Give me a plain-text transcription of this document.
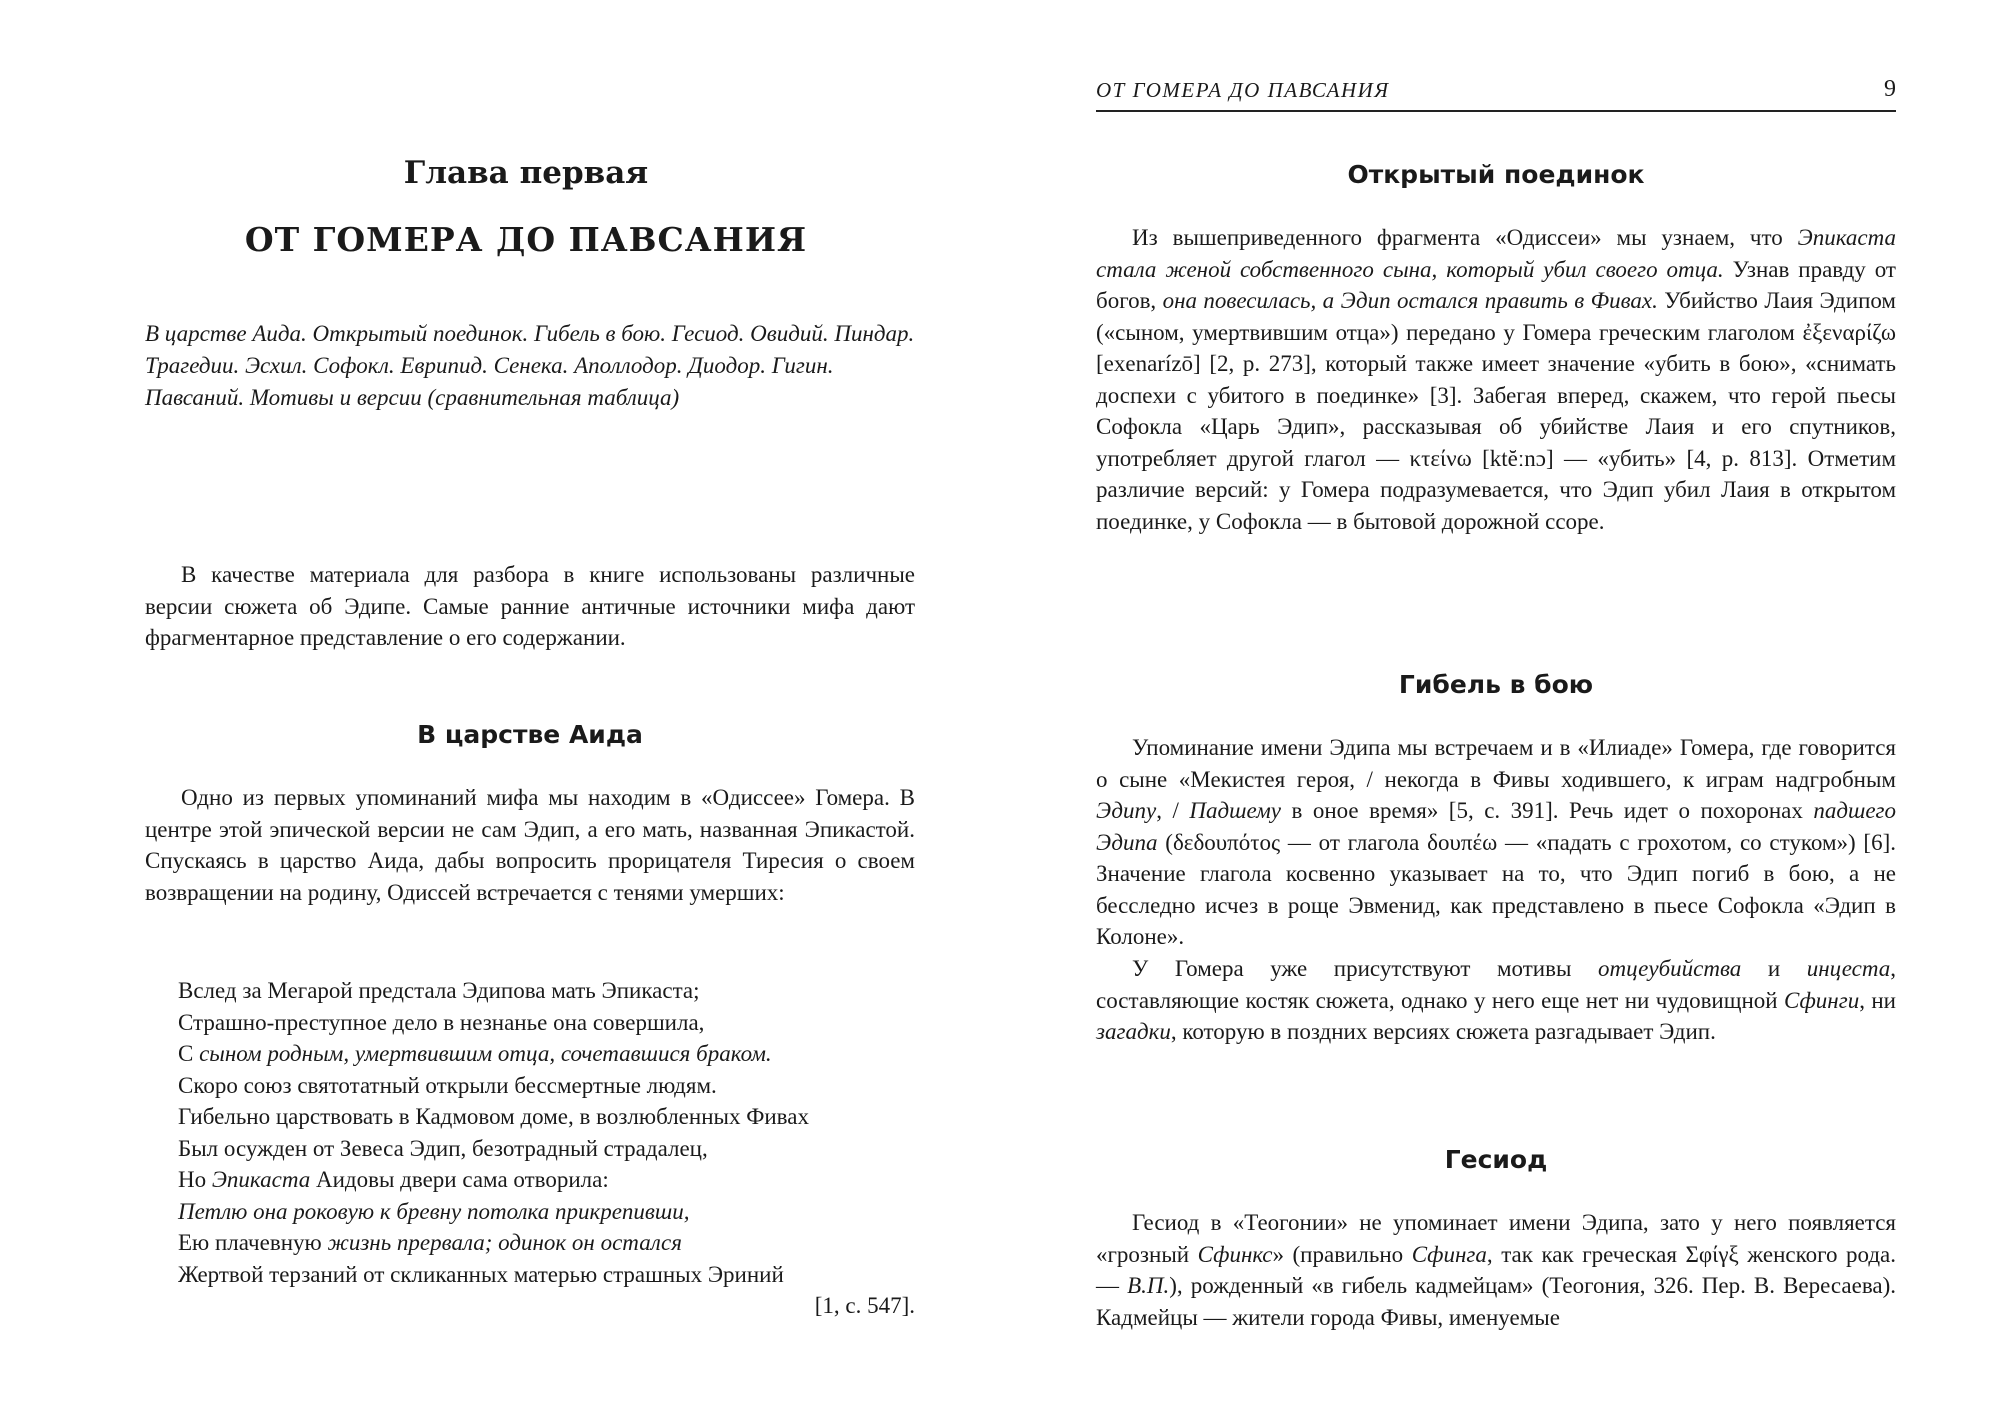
Глава первая
ОТ ГОМЕРА ДО ПАВСАНИЯ

В царстве Аида. Открытый поединок. Гибель в бою. Гесиод. Овидий. Пиндар. Трагедии. Эсхил. Софокл. Еврипид. Сенека. Аполлодор. Диодор. Гигин. Павсаний. Мотивы и версии (сравнительная таблица)

В качестве материала для разбора в книге использованы различные версии сюжета об Эдипе. Самые ранние античные источники мифа дают фрагментарное представление о его содержании.

В царстве Аида

Одно из первых упоминаний мифа мы находим в «Одиссее» Гомера. В центре этой эпической версии не сам Эдип, а его мать, названная Эпикастой. Спускаясь в царство Аида, дабы вопросить прорицателя Тиресия о своем возвращении на родину, Одиссей встречается с тенями умерших:

Вслед за Мегарой предстала Эдипова мать Эпикаста;
Страшно-преступное дело в незнанье она совершила,
С сыном родным, умертвившим отца, сочетавшися браком.
Скоро союз святотатный открыли бессмертные людям.
Гибельно царствовать в Кадмовом доме, в возлюбленных Фивах
Был осужден от Зевеса Эдип, безотрадный страдалец,
Но Эпикаста Аидовы двери сама отворила:
Петлю она роковую к бревну потолка прикрепивши,
Ею плачевную жизнь прервала; одинок он остался
Жертвой терзаний от скликанных матерью страшных Эриний
[1, с. 547].
ОТ ГОМЕРА ДО ПАВСАНИЯ	9
Открытый поединок

Из вышеприведенного фрагмента «Одиссеи» мы узнаем, что Эпикаста стала женой собственного сына, который убил своего отца. Узнав правду от богов, она повесилась, а Эдип остался править в Фивах. Убийство Лаия Эдипом («сыном, умертвившим отца») передано у Гомера греческим глаголом ἐξεναρίζω [exenarízō] [2, p. 273], который также имеет значение «убить в бою», «снимать доспехи с убитого в поединке» [3]. Забегая вперед, скажем, что герой пьесы Софокла «Царь Эдип», рассказывая об убийстве Лаия и его спутников, употребляет другой глагол — κτείνω [ktĕːnɔ] — «убить» [4, p. 813]. Отметим различие версий: у Гомера подразумевается, что Эдип убил Лаия в открытом поединке, у Софокла — в бытовой дорожной ссоре.

Гибель в бою

Упоминание имени Эдипа мы встречаем и в «Илиаде» Гомера, где говорится о сыне «Мекистея героя, / некогда в Фивы ходившего, к играм надгробным Эдипу, / Падшему в оное время» [5, с. 391]. Речь идет о похоронах падшего Эдипа (δεδουπότος — от глагола δουπέω — «падать с грохотом, со стуком») [6]. Значение глагола косвенно указывает на то, что Эдип погиб в бою, а не бесследно исчез в роще Эвменид, как представлено в пьесе Софокла «Эдип в Колоне».

У Гомера уже присутствуют мотивы отцеубийства и инцеста, составляющие костяк сюжета, однако у него еще нет ни чудовищной Сфинги, ни загадки, которую в поздних версиях сюжета разгадывает Эдип.

Гесиод

Гесиод в «Теогонии» не упоминает имени Эдипа, зато у него появляется «грозный Сфинкс» (правильно Сфинга, так как греческая Σφίγξ женского рода. — В.П.), рожденный «в гибель кадмейцам» (Теогония, 326. Пер. В. Вересаева). Кадмейцы — жители города Фивы, именуемые
